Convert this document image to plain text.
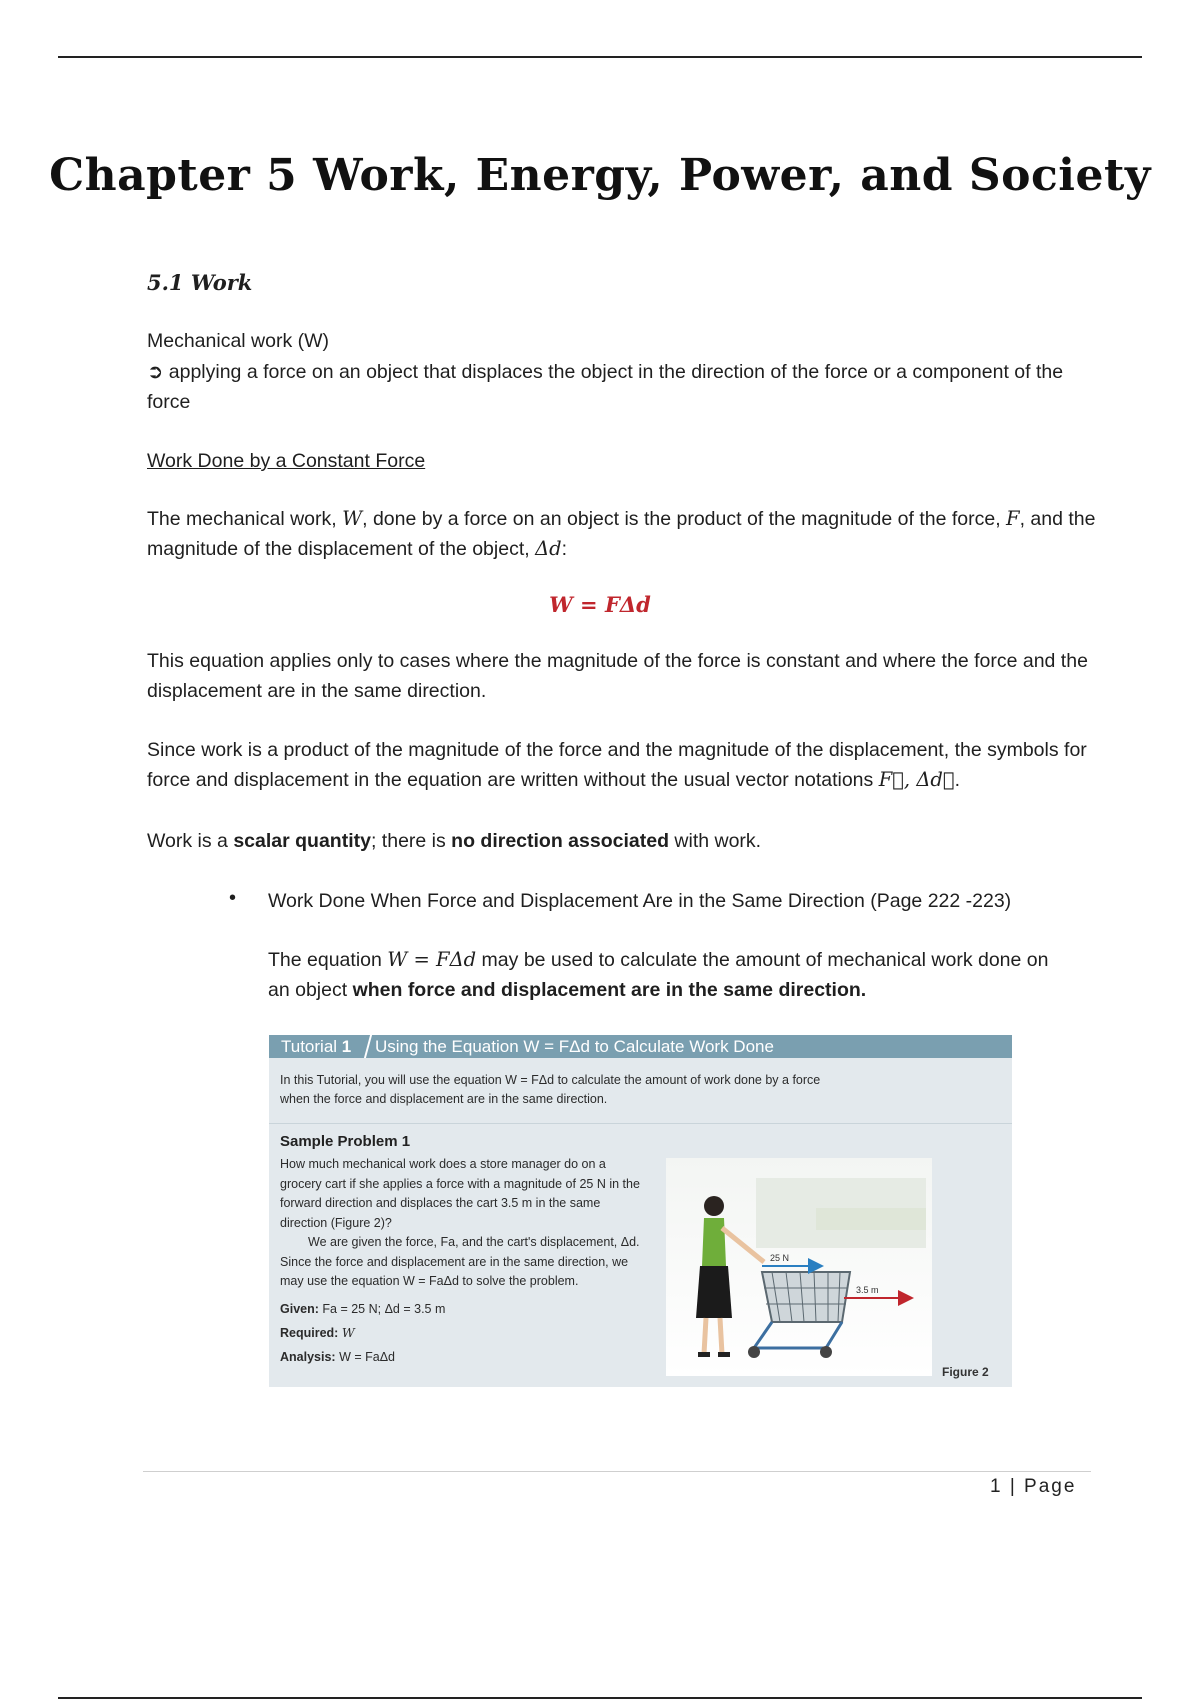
Chapter 5 Work, Energy, Power, and Society
5.1 Work
Mechanical work (W)
➲ applying a force on an object that displaces the object in the direction of the force or a component of the force
Work Done by a Constant Force
The mechanical work, W, done by a force on an object is the product of the magnitude of the force, F, and the magnitude of the displacement of the object, Δd:
W = FΔd
This equation applies only to cases where the magnitude of the force is constant and where the force and the displacement are in the same direction.
Since work is a product of the magnitude of the force and the magnitude of the displacement, the symbols for force and displacement in the equation are written without the usual vector notations F⃗, Δd⃗.
Work is a scalar quantity; there is no direction associated with work.
• Work Done When Force and Displacement Are in the Same Direction (Page 222 -223)
The equation W = FΔd may be used to calculate the amount of mechanical work done on an object when force and displacement are in the same direction.
Tutorial 1 Using the Equation W = FΔd to Calculate Work Done
In this Tutorial, you will use the equation W = FΔd to calculate the amount of work done by a force when the force and displacement are in the same direction.
Sample Problem 1
How much mechanical work does a store manager do on a grocery cart if she applies a force with a magnitude of 25 N in the forward direction and displaces the cart 3.5 m in the same direction (Figure 2)?
We are given the force, Fa, and the cart's displacement, Δd. Since the force and displacement are in the same direction, we may use the equation W = FaΔd to solve the problem.
Given: Fa = 25 N; Δd = 3.5 m
Required: W
Analysis: W = FaΔd
25 N
3.5 m
Figure 2
1 | Page
